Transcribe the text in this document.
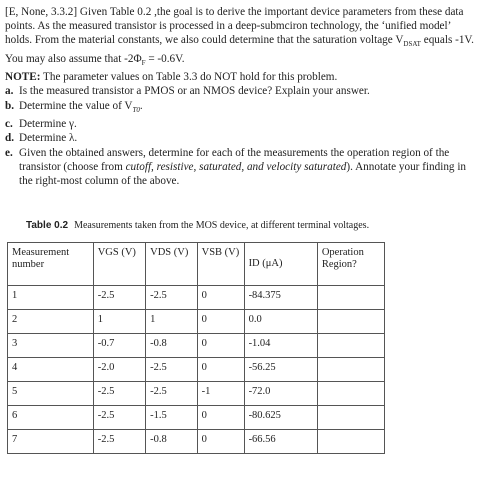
[E, None, 3.3.2] Given Table 0.2 ,the goal is to derive the important device parameters from these data points. As the measured transistor is processed in a deep-submciron technology, the ‘unified model’ holds. From the material constants, we also could determine that the saturation voltage $V_{DSAT}$ equals -1V. You may also assume that $-2\Phi_F = -0.6V$.

NOTE: The parameter values on Table 3.3 do NOT hold for this problem.

a. Is the measured transistor a PMOS or an NMOS device? Explain your answer.
b. Determine the value of $V_{T0}$.
c. Determine γ.
d. Determine λ.
e. Given the obtained answers, determine for each of the measurements the operation region of the transistor (choose from cutoff, resistive, saturated, and velocity saturated). Annotate your finding in the right-most column of the above.
Table 0.2 Measurements taken from the MOS device, at different terminal voltages.
Measurement number	VGS (V)	VDS (V)	VSB (V)	ID (μA)	Operation Region?
1	-2.5	-2.5	0	-84.375	
2	1	1	0	0.0	
3	-0.7	-0.8	0	-1.04	
4	-2.0	-2.5	0	-56.25	
5	-2.5	-2.5	-1	-72.0	
6	-2.5	-1.5	0	-80.625	
7	-2.5	-0.8	0	-66.56	
